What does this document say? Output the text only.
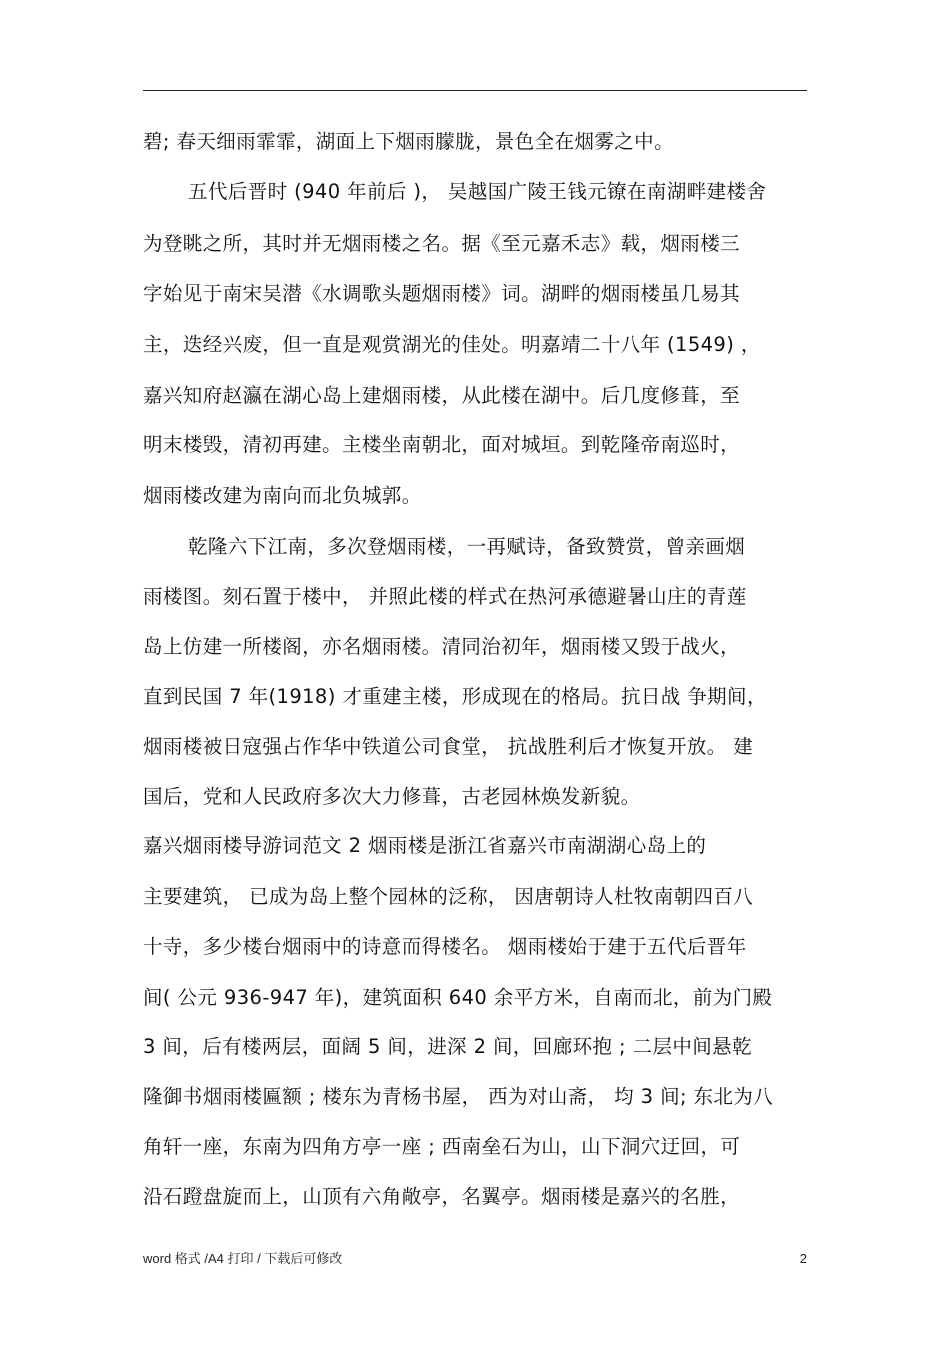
碧; 春天细雨霏霏，湖面上下烟雨朦胧，景色全在烟雾之中。
五代后晋时 (940 年前后 )， 吴越国广陵王钱元镣在南湖畔建楼舍
为登眺之所，其时并无烟雨楼之名。据《至元嘉禾志》载，烟雨楼三
字始见于南宋吴潜《水调歌头题烟雨楼》词。湖畔的烟雨楼虽几易其
主，迭经兴废，但一直是观赏湖光的佳处。明嘉靖二十八年 (1549) ，
嘉兴知府赵瀛在湖心岛上建烟雨楼，从此楼在湖中。后几度修葺，至
明末楼毁，清初再建。主楼坐南朝北，面对城垣。到乾隆帝南巡时，
烟雨楼改建为南向而北负城郭。
乾隆六下江南，多次登烟雨楼，一再赋诗，备致赞赏，曾亲画烟
雨楼图。刻石置于楼中， 并照此楼的样式在热河承德避暑山庄的青莲
岛上仿建一所楼阁，亦名烟雨楼。清同治初年，烟雨楼又毁于战火，
直到民国 7 年(1918) 才重建主楼，形成现在的格局。抗日战 争期间，
烟雨楼被日寇强占作华中铁道公司食堂， 抗战胜利后才恢复开放。 建
国后，党和人民政府多次大力修葺，古老园林焕发新貌。
嘉兴烟雨楼导游词范文 2 烟雨楼是浙江省嘉兴市南湖湖心岛上的
主要建筑， 已成为岛上整个园林的泛称， 因唐朝诗人杜牧南朝四百八
十寺，多少楼台烟雨中的诗意而得楼名。 烟雨楼始于建于五代后晋年
间( 公元 936-947 年)，建筑面积 640 余平方米，自南而北，前为门殿
3 间，后有楼两层，面阔 5 间，进深 2 间，回廊环抱 ; 二层中间悬乾
隆御书烟雨楼匾额 ; 楼东为青杨书屋， 西为对山斋， 均 3 间; 东北为八
角轩一座，东南为四角方亭一座 ; 西南垒石为山，山下洞穴迂回，可
沿石蹬盘旋而上，山顶有六角敞亭，名翼亭。烟雨楼是嘉兴的名胜，
word 格式 /A4 打印 / 下载后可修改	2
